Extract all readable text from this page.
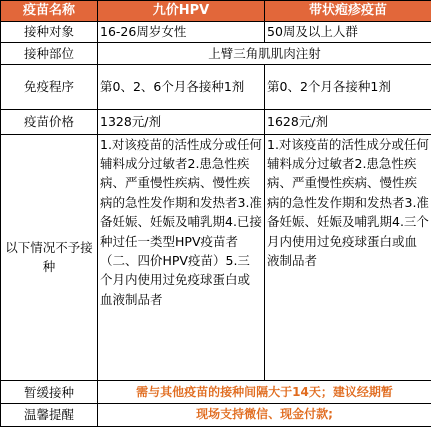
疫苗名称	九价HPV	带状疱疹疫苗
接种对象	16-26周岁女性	50周及以上人群
接种部位	上臂三角肌肌肉注射	
免疫程序	第0、2、6个月各接种1剂	第0、2个月各接种1剂
疫苗价格	1328元/剂	1628元/剂
以下情况不予接种	1.对该疫苗的活性成分或任何辅料成分过敏者2.患急性疾病、严重慢性疾病、慢性疾病的急性发作期和发热者3.准备妊娠、妊娠及哺乳期4.已接种过任一类型HPV疫苗者（二、四价HPV疫苗）5.三个月内使用过免疫球蛋白或血液制品者	1.对该疫苗的活性成分或任何辅料成分过敏者2.患急性疾病、严重慢性疾病、慢性疾病的急性发作期和发热者3.准备妊娠、妊娠及哺乳期4.三个月内使用过免疫球蛋白或血液制品者
暂缓接种	需与其他疫苗的接种间隔大于14天；建议经期暂	
温馨提醒	现场支持微信、现金付款;	
